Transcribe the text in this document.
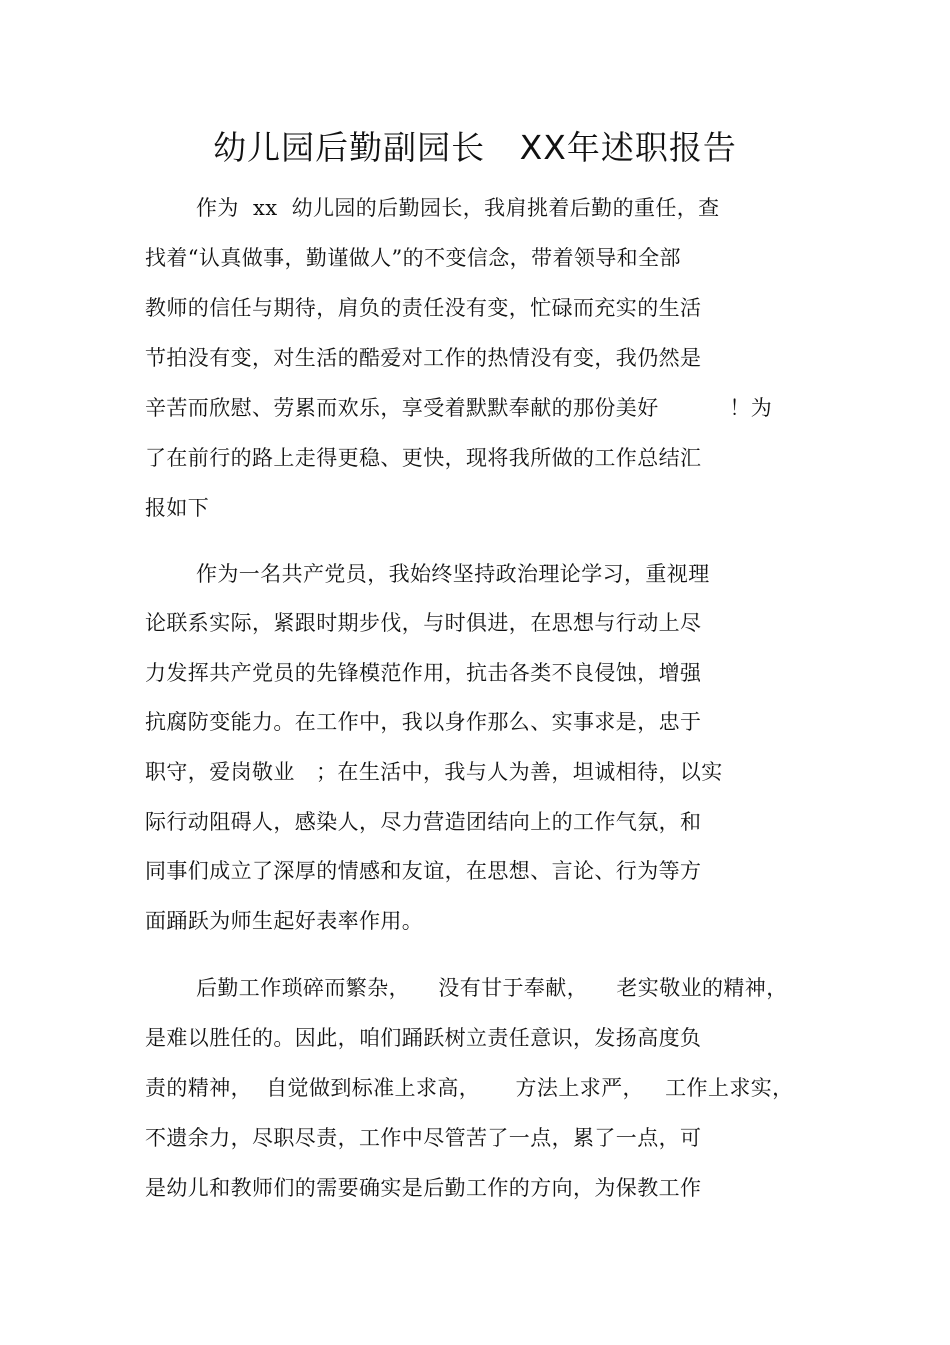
幼儿园后勤副园长   XX年述职报告
作为  xx  幼儿园的后勤园长，我肩挑着后勤的重任，查
找着“认真做事，勤谨做人”的不变信念，带着领导和全部
教师的信任与期待，肩负的责任没有变，忙碌而充实的生活
节拍没有变，对生活的酷爱对工作的热情没有变，我仍然是
辛苦而欣慰、劳累而欢乐，享受着默默奉献的那份美好          ！为
了在前行的路上走得更稳、更快，现将我所做的工作总结汇
报如下
作为一名共产党员，我始终坚持政治理论学习，重视理
论联系实际，紧跟时期步伐，与时俱进，在思想与行动上尽
力发挥共产党员的先锋模范作用，抗击各类不良侵蚀，增强
抗腐防变能力。在工作中，我以身作那么、实事求是，忠于
职守，爱岗敬业   ；在生活中，我与人为善，坦诚相待，以实
际行动阻碍人，感染人，尽力营造团结向上的工作气氛，和
同事们成立了深厚的情感和友谊，在思想、言论、行为等方
面踊跃为师生起好表率作用。
后勤工作琐碎而繁杂，    没有甘于奉献，    老实敬业的精神，
是难以胜任的。因此，咱们踊跃树立责任意识，发扬高度负
责的精神，  自觉做到标准上求高，     方法上求严，   工作上求实，
不遗余力，尽职尽责，工作中尽管苦了一点，累了一点，可
是幼儿和教师们的需要确实是后勤工作的方向，为保教工作
